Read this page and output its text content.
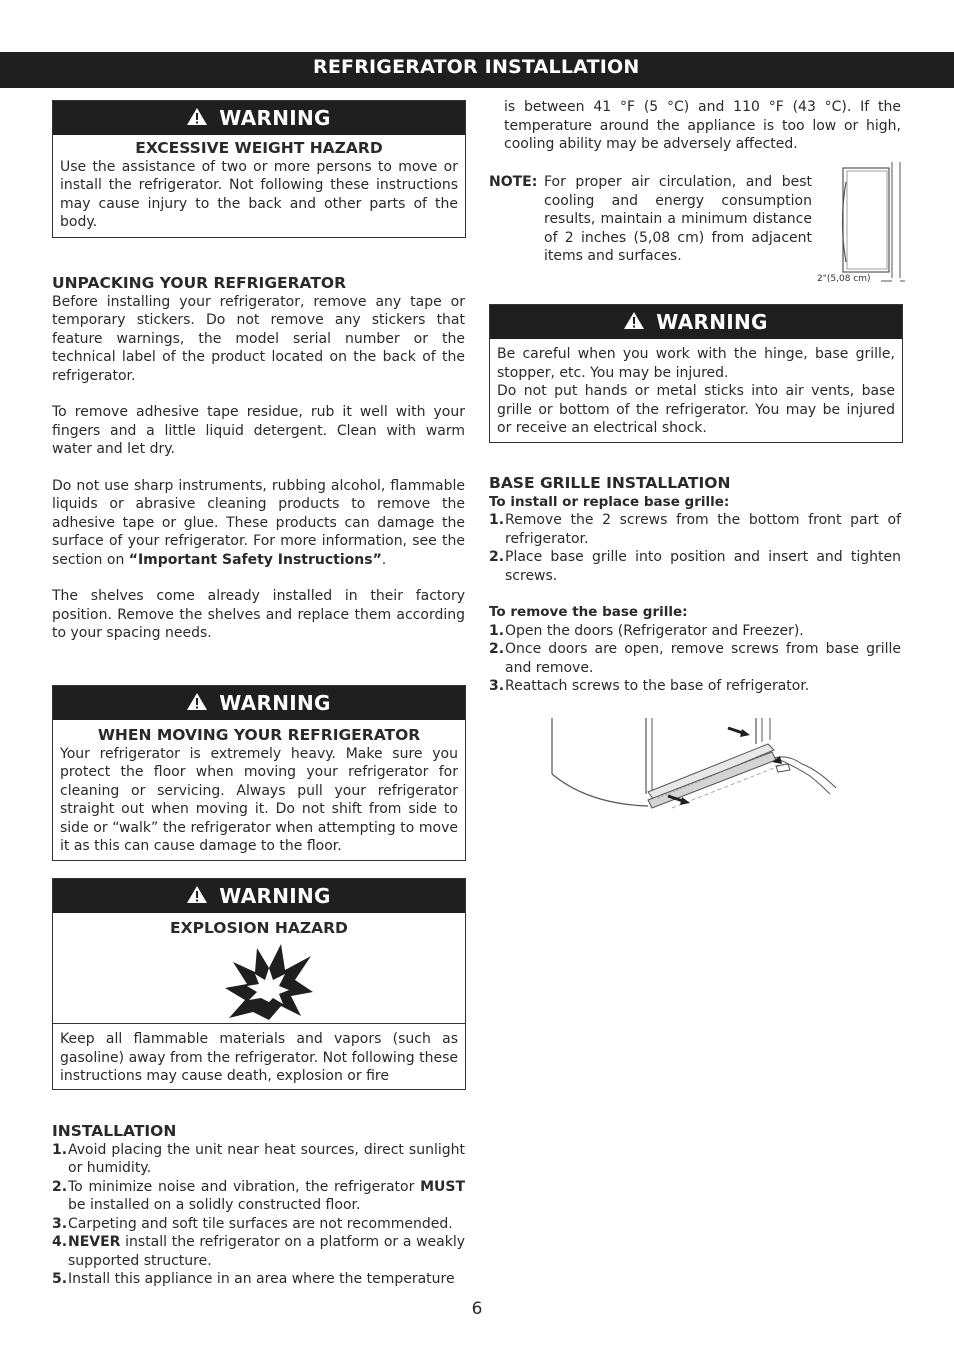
REFRIGERATOR INSTALLATION
WARNING
EXCESSIVE WEIGHT HAZARD
Use the assistance of two or more persons to move or install the refrigerator. Not following these instructions may cause injury to the back and other parts of the body.
UNPACKING YOUR REFRIGERATOR

Before installing your refrigerator, remove any tape or temporary stickers. Do not remove any stickers that feature warnings, the model serial number or the technical label of the product located on the back of the refrigerator.

To remove adhesive tape residue, rub it well with your fingers and a little liquid detergent. Clean with warm water and let dry.

Do not use sharp instruments, rubbing alcohol, flammable liquids or abrasive cleaning products to remove the adhesive tape or glue. These products can damage the surface of your refrigerator. For more information, see the section on “Important Safety Instructions”.

The shelves come already installed in their factory position. Remove the shelves and replace them according to your spacing needs.

WARNING
WHEN MOVING YOUR REFRIGERATOR
Your refrigerator is extremely heavy. Make sure you protect the floor when moving your refrigerator for cleaning or servicing. Always pull your refrigerator straight out when moving it. Do not shift from side to side or “walk” the refrigerator when attempting to move it as this can cause damage to the floor.
WARNING
EXPLOSION HAZARD
Keep all flammable materials and vapors (such as gasoline) away from the refrigerator. Not following these instructions may cause death, explosion or fire
INSTALLATION
1. Avoid placing the unit near heat sources, direct sunlight or humidity.
2. To minimize noise and vibration, the refrigerator MUST be installed on a solidly constructed floor.
3. Carpeting and soft tile surfaces are not recommended.
4. NEVER install the refrigerator on a platform or a weakly supported structure.
5. Install this appliance in an area where the temperature
is between 41 °F (5 °C) and 110 °F (43 °C). If the temperature around the appliance is too low or high, cooling ability may be adversely affected.
NOTE: For proper air circulation, and best cooling and energy consumption results, maintain a minimum distance of 2 inches (5,08 cm) from adjacent items and surfaces.
2"(5,08 cm)
WARNING
Be careful when you work with the hinge, base grille, stopper, etc. You may be injured.
Do not put hands or metal sticks into air vents, base grille or bottom of the refrigerator. You may be injured or receive an electrical shock.
BASE GRILLE INSTALLATION
To install or replace base grille:
1. Remove the 2 screws from the bottom front part of refrigerator.
2. Place base grille into position and insert and tighten screws.
To remove the base grille:
1. Open the doors (Refrigerator and Freezer).
2. Once doors are open, remove screws from base grille and remove.
3. Reattach screws to the base of refrigerator.
6
